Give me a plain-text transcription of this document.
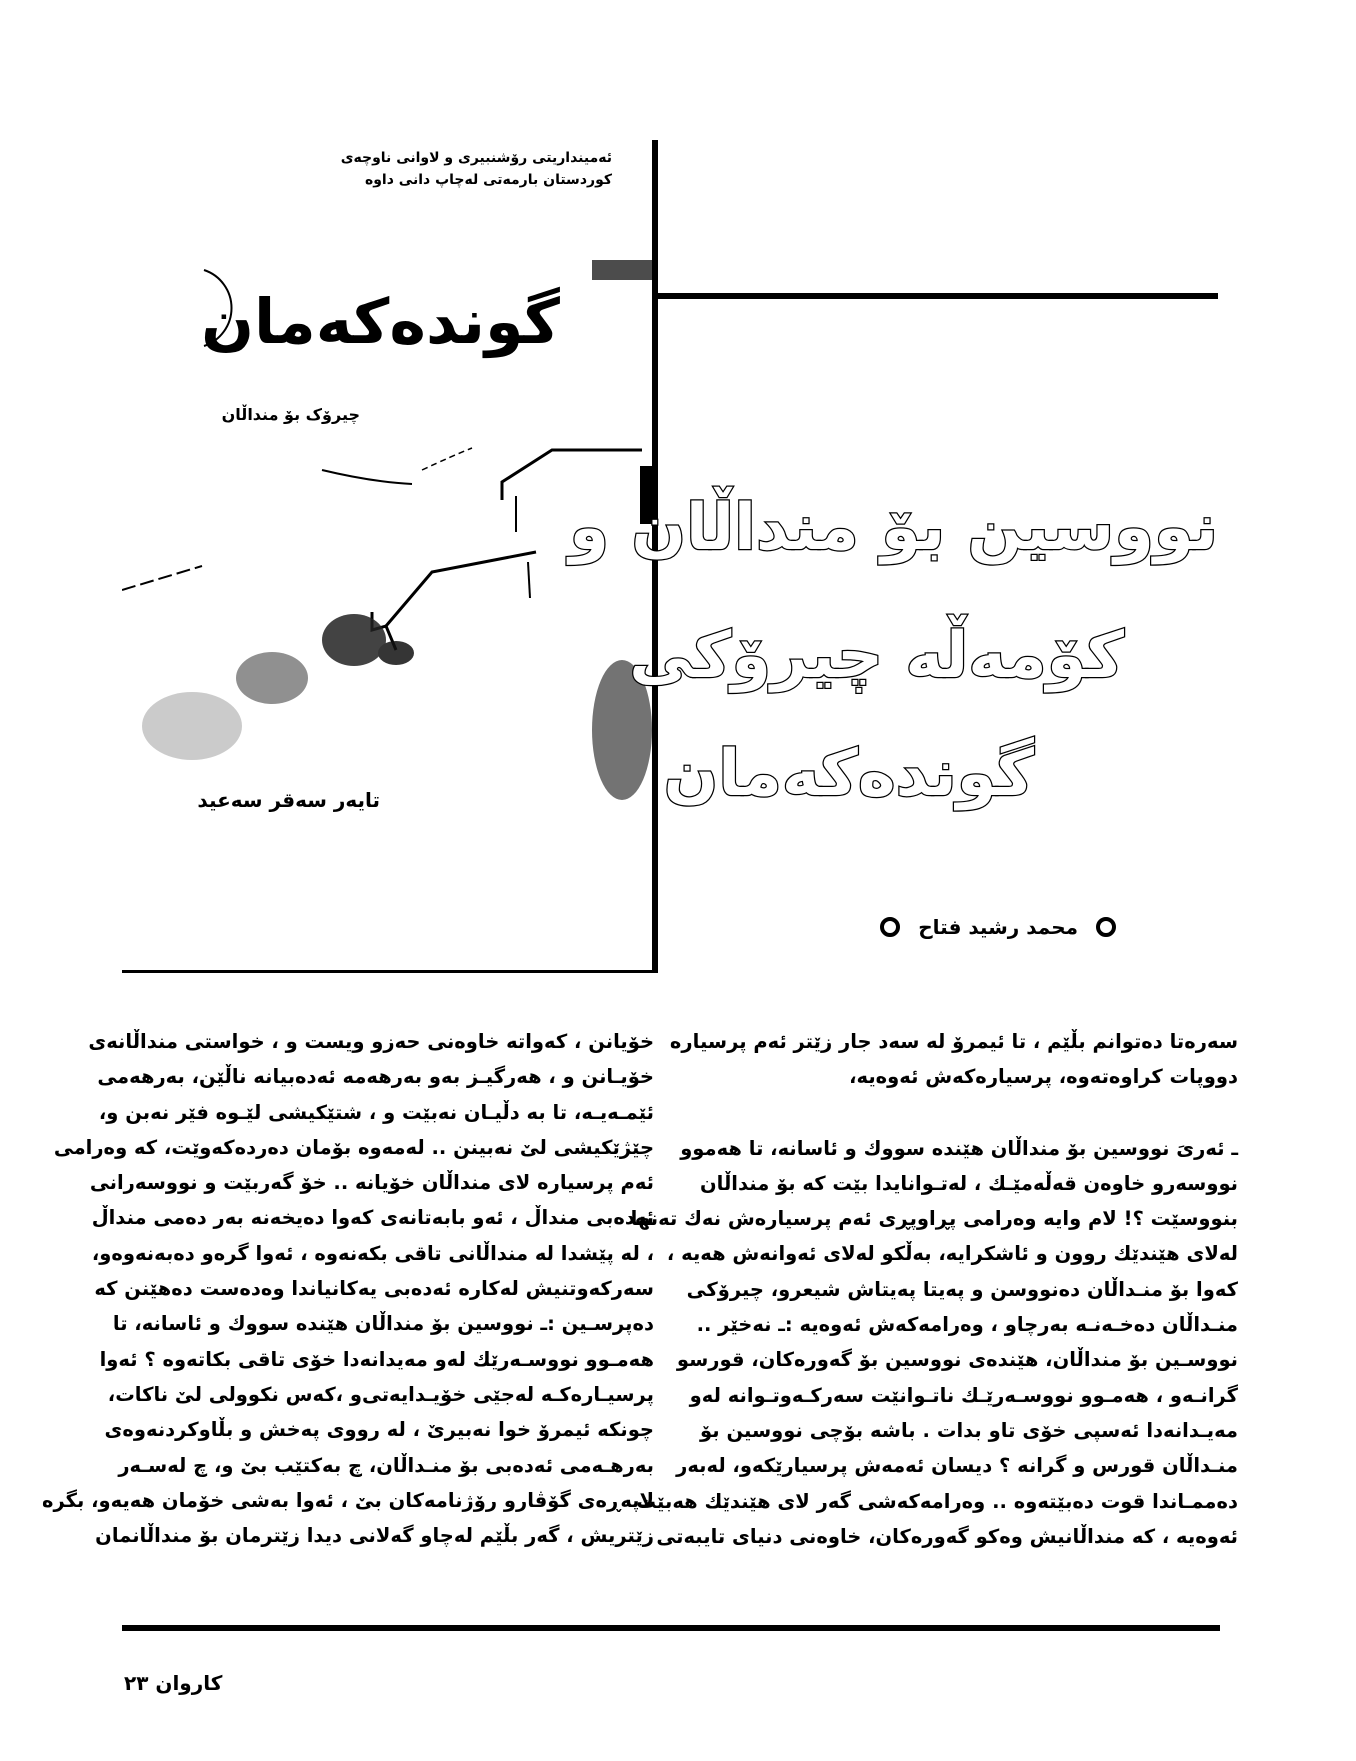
ئەمینداریتی رۆشنبیری و لاوانی ناوچەی
کوردستان بارمەتی لەچاپ دانی داوە
گوندەکەمان
چیرۆک بۆ منداڵان
تایەر سەقر سەعید
نووسین بۆ منداڵان و
کۆمەڵە چیرۆکی
گوندەکەمان
محمد رشید فتاح
سەرەتا دەتوانم بڵێم ، تا ئیمرۆ لە سەد جار زێتر ئەم پرسیارە
دووپات کراوەتەوە، پرسیارەکەش ئەوەیە،
ـ ئەریَ نووسین بۆ منداڵان هێندە سووك و ئاسانە، تا هەموو
نووسەرو خاوەن قەڵەمێـك ، لەتـوانایدا بێت کە بۆ منداڵان
بنووسێت ؟! لام وایە وەرامی پڕاوپڕی ئەم پرسیارەش نەك تەنها
لەلای هێندێك روون و ئاشکرایە، بەڵکو لەلای ئەوانەش هەیە ،
کەوا بۆ منـداڵان دەنووسن و پەیتا پەیتاش شیعرو، چیرۆکی
منـداڵان دەخـەنـە بەرچاو ، وەرامەکەش ئەوەیە :ـ نەخێر ..
نووسـین بۆ منداڵان، هێندەی نووسین بۆ گەورەکان، قورسو
گرانـەو ، هەمـوو نووسـەرێـك ناتـوانێت سەرکـەوتـوانە لەو
مەیـدانەدا ئەسپی خۆی تاو بدات . باشە بۆچی نووسین بۆ
منـداڵان قورس و گرانە ؟ دیسان ئەمەش پرسیارێکەو، لەبەر
دەممـاندا قوت دەبێتەوە .. وەرامەکەشی گەر لای هێندێك هەبێت
ئەوەیە ، کە منداڵانیش وەکو گەورەکان، خاوەنی دنیای تایبەتی
خۆیانن ، کەواتە خاوەنی حەزو ویست و ، خواستی منداڵانەی
خۆیـانن و ، هەرگیـز بەو بەرهەمە ئەدەبیانە ناڵێن، بەرهەمی
ئێمـەیـە، تا بە دڵیـان نەبێت و ، شتێکیشی لێـوە فێر نەبن و،
چێژێکیشی لێ نەبینن .. لەمەوە بۆمان دەردەکەوێت، کە وەرامی
ئەم پرسیارە لای منداڵان خۆیانە .. خۆ گەربێت و نووسەرانی
ئەدەبی منداڵ ، ئەو بابەتانەی کەوا دەیخەنە بەر دەمی منداڵ
، لە پێشدا لە منداڵانی تاقی بکەنەوە ، ئەوا گرەو دەبەنەوەو،
سەرکەوتنیش لەکارە ئەدەبی یەکانیاندا وەدەست دەهێنن کە
دەپرسـین :ـ نووسین بۆ منداڵان هێندە سووك و ئاسانە، تا
هەمـوو نووسـەرێك لەو مەیدانەدا خۆی تاقی بکاتەوە ؟ ئەوا
پرسیـارەکـە لەجێی خۆیـدایەتی‌و ،کەس نکوولی لێ ناکات،
چونکە ئیمرۆ خوا نەبیرێ ، لە رووی پەخش و بڵاوکردنەوەی
بەرهـەمی ئەدەبی بۆ منـداڵان، چ بەکتێب بێ و، چ لەسـەر
لاپەڕەی گۆڤارو رۆژنامەکان بێ ، ئەوا بەشی خۆمان هەیەو، بگرە
زێتریش ، گەر بڵێم لەچاو گەلانی دیدا زێترمان بۆ منداڵانمان
کاروان ٢٣
